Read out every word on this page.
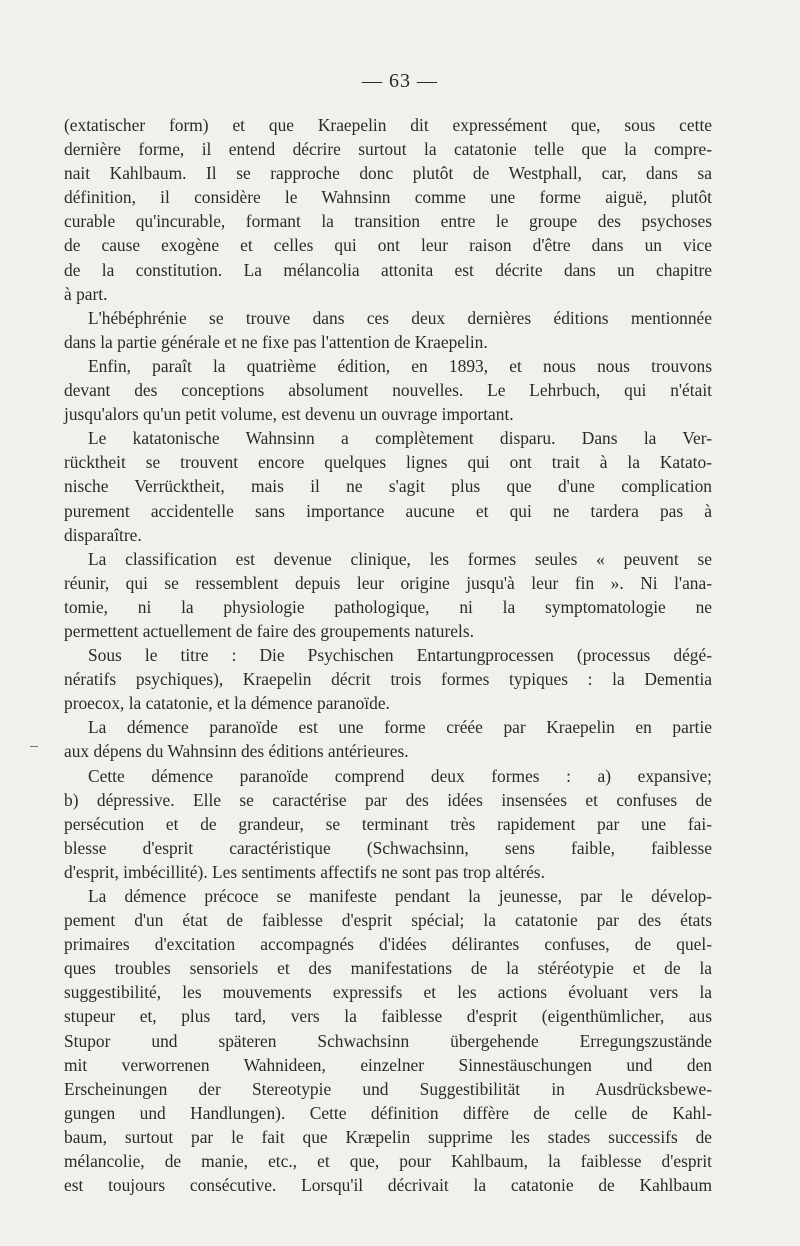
— 63 —
(extatischer form) et que Kraepelin dit expressément que, sous cette
dernière forme, il entend décrire surtout la catatonie telle que la compre-
nait Kahlbaum. Il se rapproche donc plutôt de Westphall, car, dans sa
définition, il considère le Wahnsinn comme une forme aiguë, plutôt
curable qu'incurable, formant la transition entre le groupe des psychoses
de cause exogène et celles qui ont leur raison d'être dans un vice
de la constitution. La mélancolia attonita est décrite dans un chapitre
à part.
L'hébéphrénie se trouve dans ces deux dernières éditions mentionnée
dans la partie générale et ne fixe pas l'attention de Kraepelin.
Enfin, paraît la quatrième édition, en 1893, et nous nous trouvons
devant des conceptions absolument nouvelles. Le Lehrbuch, qui n'était
jusqu'alors qu'un petit volume, est devenu un ouvrage important.
Le katatonische Wahnsinn a complètement disparu. Dans la Ver-
rücktheit se trouvent encore quelques lignes qui ont trait à la Katato-
nische Verrücktheit, mais il ne s'agit plus que d'une complication
purement accidentelle sans importance aucune et qui ne tardera pas à
disparaître.
La classification est devenue clinique, les formes seules « peuvent se
réunir, qui se ressemblent depuis leur origine jusqu'à leur fin ». Ni l'ana-
tomie, ni la physiologie pathologique, ni la symptomatologie ne
permettent actuellement de faire des groupements naturels.
Sous le titre : Die Psychischen Entartungprocessen (processus dégé-
nératifs psychiques), Kraepelin décrit trois formes typiques : la Dementia
proecox, la catatonie, et la démence paranoïde.
La démence paranoïde est une forme créée par Kraepelin en partie
aux dépens du Wahnsinn des éditions antérieures.
Cette démence paranoïde comprend deux formes : a) expansive;
b) dépressive. Elle se caractérise par des idées insensées et confuses de
persécution et de grandeur, se terminant très rapidement par une fai-
blesse d'esprit caractéristique (Schwachsinn, sens faible, faiblesse
d'esprit, imbécillité). Les sentiments affectifs ne sont pas trop altérés.
La démence précoce se manifeste pendant la jeunesse, par le dévelop-
pement d'un état de faiblesse d'esprit spécial; la catatonie par des états
primaires d'excitation accompagnés d'idées délirantes confuses, de quel-
ques troubles sensoriels et des manifestations de la stéréotypie et de la
suggestibilité, les mouvements expressifs et les actions évoluant vers la
stupeur et, plus tard, vers la faiblesse d'esprit (eigenthümlicher, aus
Stupor und späteren Schwachsinn übergehende Erregungszustände
mit verworrenen Wahnideen, einzelner Sinnestäuschungen und den
Erscheinungen der Stereotypie und Suggestibilität in Ausdrücksbewe-
gungen und Handlungen). Cette définition diffère de celle de Kahl-
baum, surtout par le fait que Kræpelin supprime les stades successifs de
mélancolie, de manie, etc., et que, pour Kahlbaum, la faiblesse d'esprit
est toujours consécutive. Lorsqu'il décrivait la catatonie de Kahlbaum
